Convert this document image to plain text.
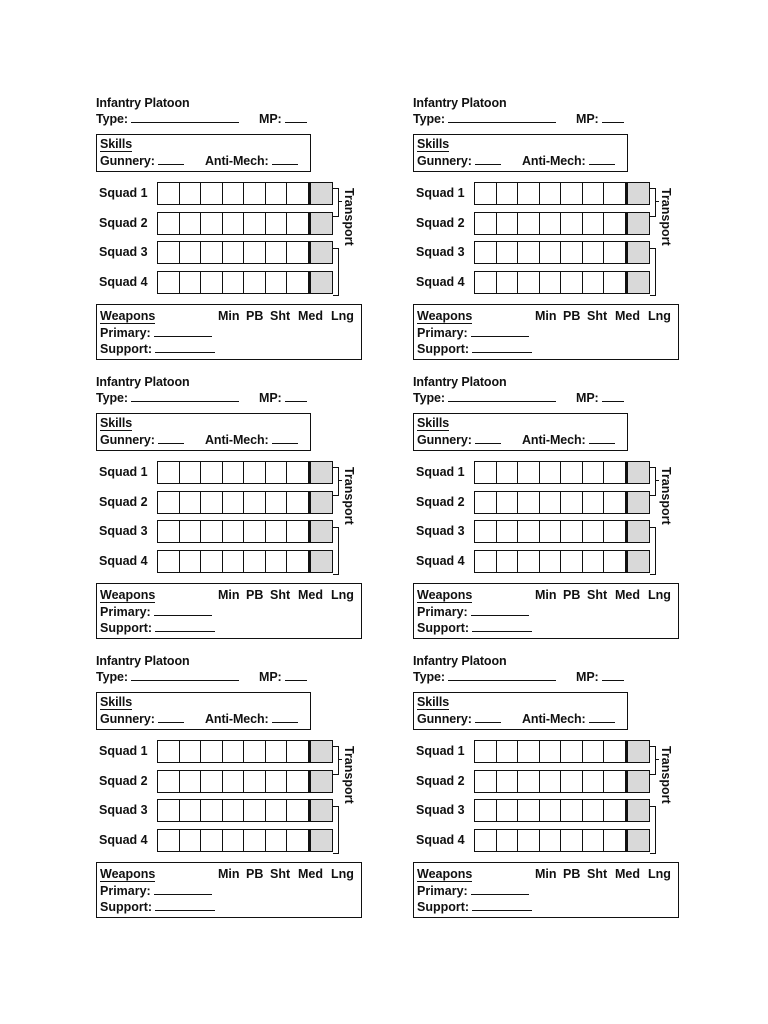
Infantry Platoon
Type:	MP:
Skills
Gunnery:	Anti-Mech:
Squad 1
Squad 2
Squad 3
Squad 4
Transport
Weapons	Min PB Sht Med Lng
Primary:
Support:
Infantry Platoon
Type:	MP:
Skills
Gunnery:	Anti-Mech:
Squad 1
Squad 2
Squad 3
Squad 4
Transport
Weapons	Min PB Sht Med Lng
Primary:
Support:
Infantry Platoon
Type:	MP:
Skills
Gunnery:	Anti-Mech:
Squad 1
Squad 2
Squad 3
Squad 4
Transport
Weapons	Min PB Sht Med Lng
Primary:
Support:
Infantry Platoon
Type:	MP:
Skills
Gunnery:	Anti-Mech:
Squad 1
Squad 2
Squad 3
Squad 4
Transport
Weapons	Min PB Sht Med Lng
Primary:
Support:
Infantry Platoon
Type:	MP:
Skills
Gunnery:	Anti-Mech:
Squad 1
Squad 2
Squad 3
Squad 4
Transport
Weapons	Min PB Sht Med Lng
Primary:
Support:
Infantry Platoon
Type:	MP:
Skills
Gunnery:	Anti-Mech:
Squad 1
Squad 2
Squad 3
Squad 4
Transport
Weapons	Min PB Sht Med Lng
Primary:
Support:
